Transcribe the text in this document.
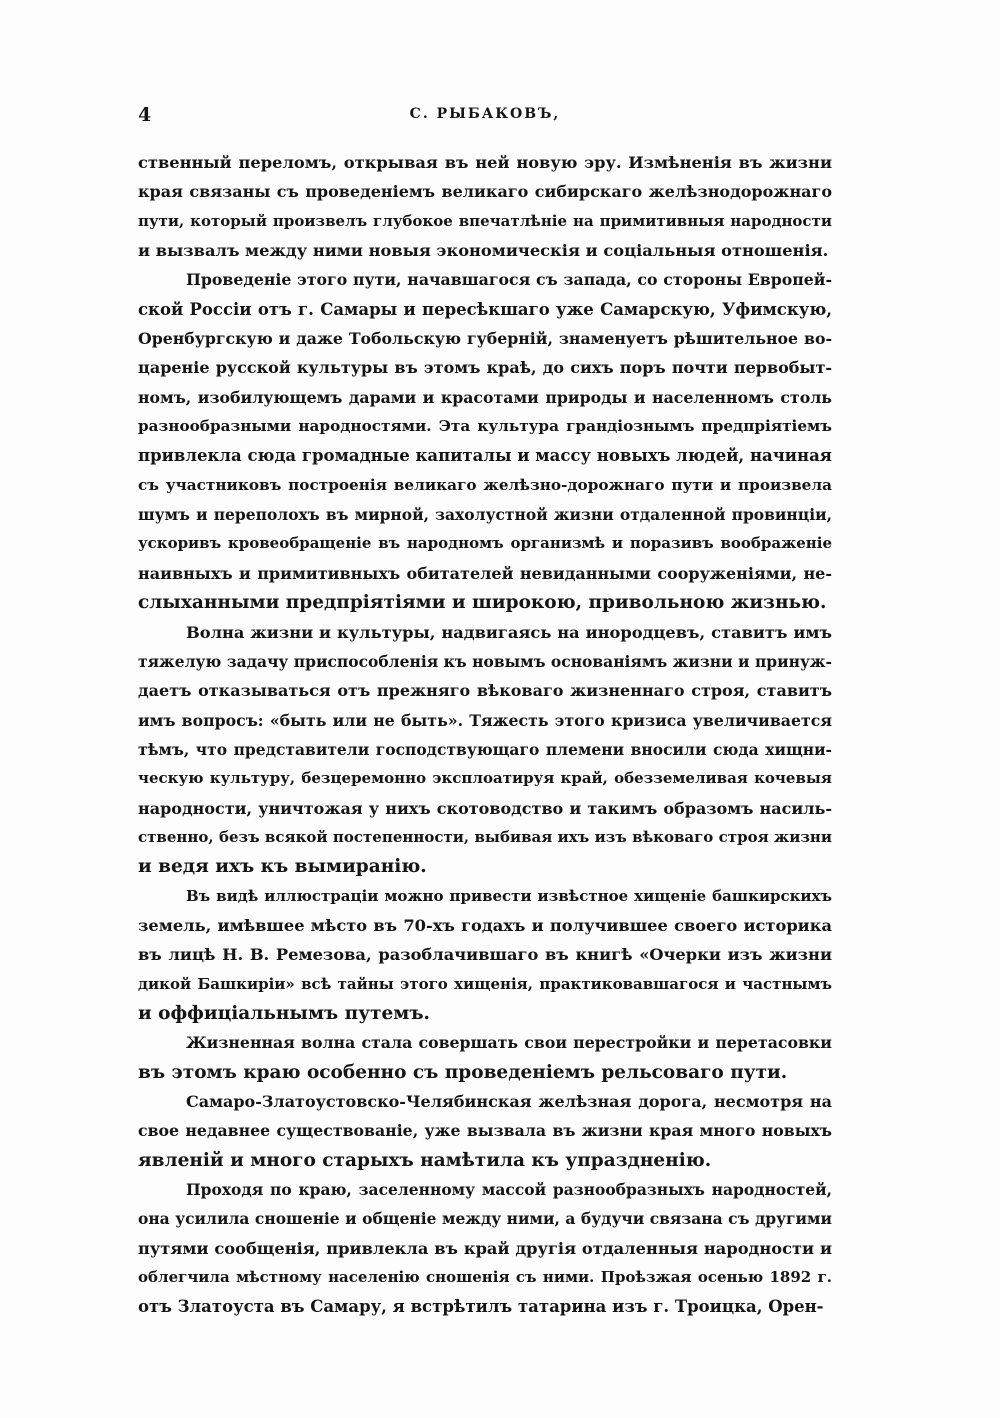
4	С. РЫБАКОВЪ,
ственный переломъ, открывая въ ней новую эру. Измѣненія въ жизни
края связаны съ проведеніемъ великаго сибирскаго желѣзнодорожнаго
пути, который произвелъ глубокое впечатлѣніе на примитивныя народности
и вызвалъ между ними новыя экономическія и соціальныя отношенія.
Проведеніе этого пути, начавшагося съ запада, со стороны Европей-
ской Россіи отъ г. Самары и пересѣкшаго уже Самарскую, Уфимскую,
Оренбургскую и даже Тобольскую губерній, знаменуетъ рѣшительное во-
цареніе русской культуры въ этомъ краѣ, до сихъ поръ почти первобыт-
номъ, изобилующемъ дарами и красотами природы и населенномъ столь
разнообразными народностями. Эта культура грандіознымъ предпріятіемъ
привлекла сюда громадные капиталы и массу новыхъ людей, начиная
съ участниковъ построенія великаго желѣзно-дорожнаго пути и произвела
шумъ и переполохъ въ мирной, захолустной жизни отдаленной провинціи,
ускоривъ кровеобращеніе въ народномъ организмѣ и поразивъ воображеніе
наивныхъ и примитивныхъ обитателей невиданными сооруженіями, не-
слыханными предпріятіями и широкою, привольною жизнью.
Волна жизни и культуры, надвигаясь на инородцевъ, ставитъ имъ
тяжелую задачу приспособленія къ новымъ основаніямъ жизни и принуж-
даетъ отказываться отъ прежняго вѣковаго жизненнаго строя, ставитъ
имъ вопросъ: «быть или не быть». Тяжесть этого кризиса увеличивается
тѣмъ, что представители господствующаго племени вносили сюда хищни-
ческую культуру, безцеремонно эксплоатируя край, обезземеливая кочевыя
народности, уничтожая у нихъ скотоводство и такимъ образомъ насиль-
ственно, безъ всякой постепенности, выбивая ихъ изъ вѣковаго строя жизни
и ведя ихъ къ вымиранію.
Въ видѣ иллюстраціи можно привести извѣстное хищеніе башкирскихъ
земель, имѣвшее мѣсто въ 70-хъ годахъ и получившее своего историка
въ лицѣ Н. В. Ремезова, разоблачившаго въ книгѣ «Очерки изъ жизни
дикой Башкиріи» всѣ тайны этого хищенія, практиковавшагося и частнымъ
и оффиціальнымъ путемъ.
Жизненная волна стала совершать свои перестройки и перетасовки
въ этомъ краю особенно съ проведеніемъ рельсоваго пути.
Самаро-Златоустовско-Челябинская желѣзная дорога, несмотря на
свое недавнее существованіе, уже вызвала въ жизни края много новыхъ
явленій и много старыхъ намѣтила къ упраздненію.
Проходя по краю, заселенному массой разнообразныхъ народностей,
она усилила сношеніе и общеніе между ними, а будучи связана съ другими
путями сообщенія, привлекла въ край другія отдаленныя народности и
облегчила мѣстному населенію сношенія съ ними. Проѣзжая осенью 1892 г.
отъ Златоуста въ Самару, я встрѣтилъ татарина изъ г. Троицка, Орен-
